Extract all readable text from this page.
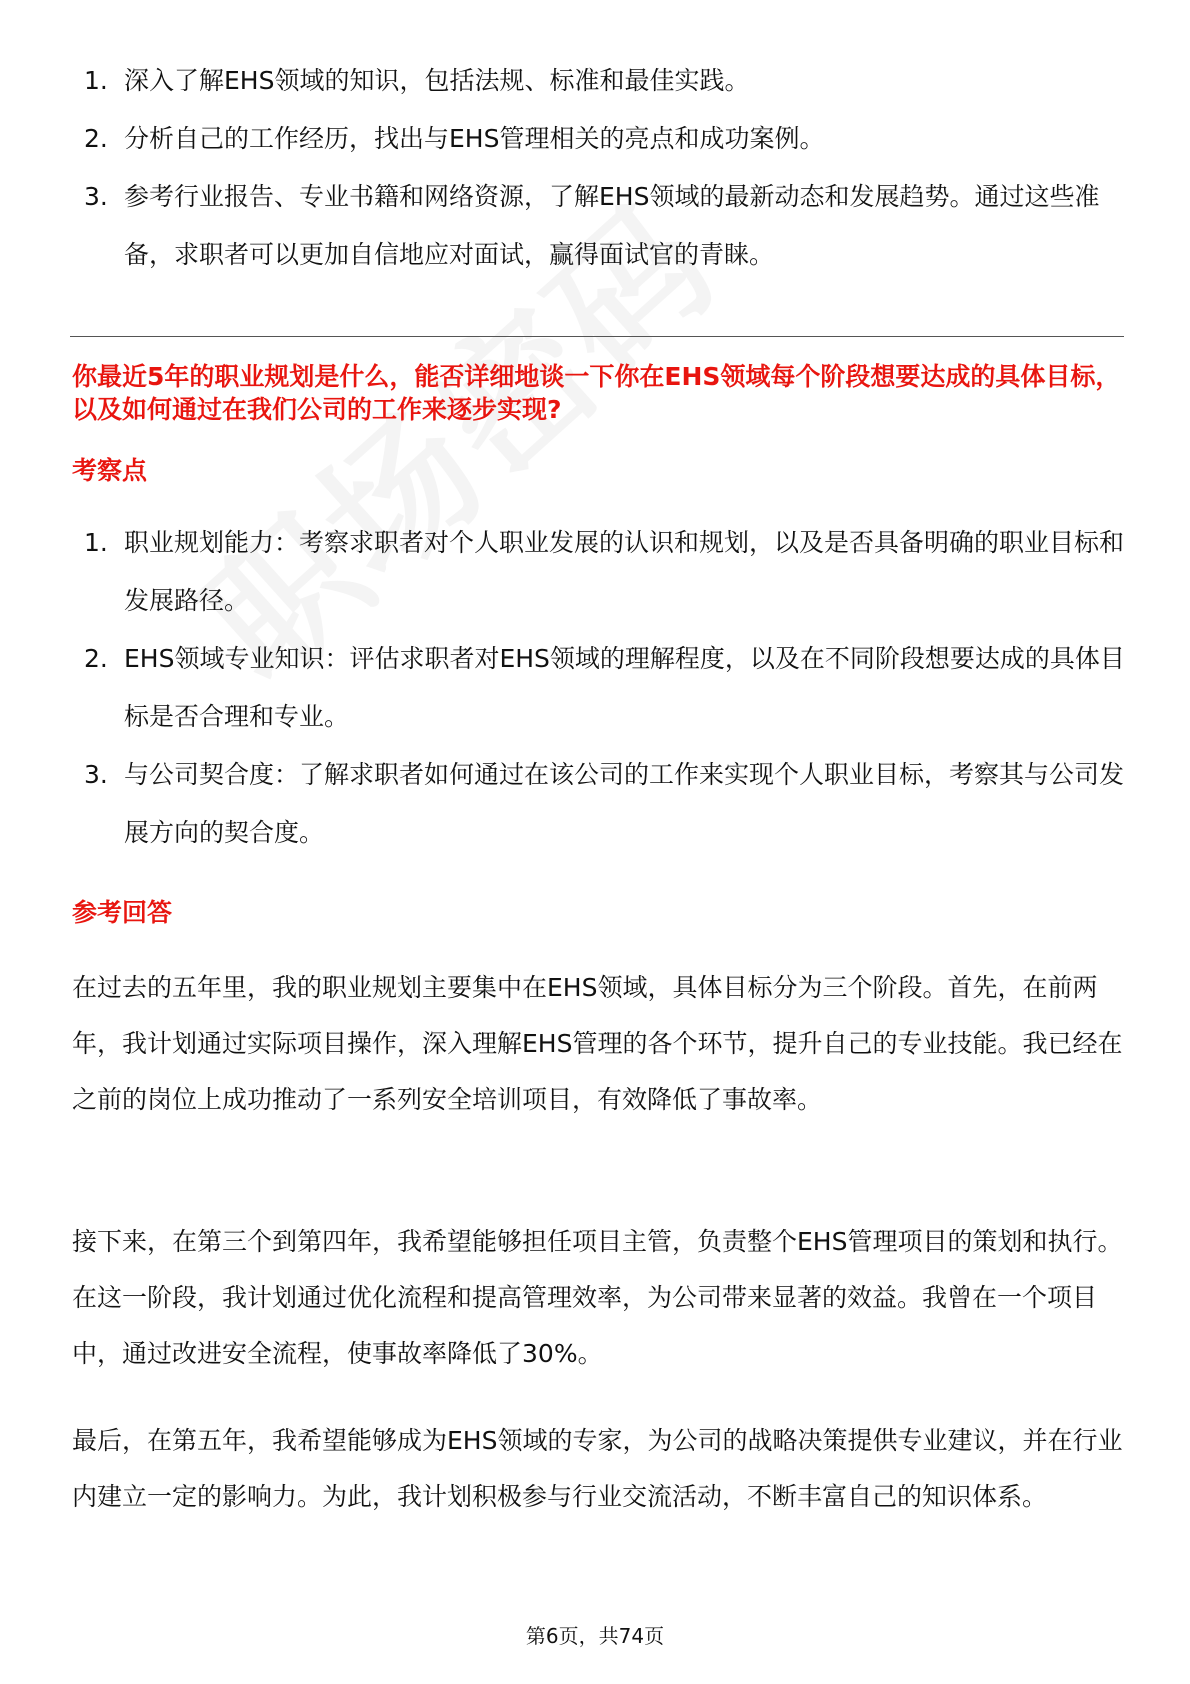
1. 深入了解EHS领域的知识，包括法规、标准和最佳实践。
2. 分析自己的工作经历，找出与EHS管理相关的亮点和成功案例。
3. 参考行业报告、专业书籍和网络资源，了解EHS领域的最新动态和发展趋势。通过这些准备，求职者可以更加自信地应对面试，赢得面试官的青睐。

你最近5年的职业规划是什么，能否详细地谈一下你在EHS领域每个阶段想要达成的具体目标，以及如何通过在我们公司的工作来逐步实现?

考察点

1. 职业规划能力：考察求职者对个人职业发展的认识和规划，以及是否具备明确的职业目标和发展路径。
2. EHS领域专业知识：评估求职者对EHS领域的理解程度，以及在不同阶段想要达成的具体目标是否合理和专业。
3. 与公司契合度：了解求职者如何通过在该公司的工作来实现个人职业目标，考察其与公司发展方向的契合度。

参考回答

在过去的五年里，我的职业规划主要集中在EHS领域，具体目标分为三个阶段。首先，在前两年，我计划通过实际项目操作，深入理解EHS管理的各个环节，提升自己的专业技能。我已经在之前的岗位上成功推动了一系列安全培训项目，有效降低了事故率。

接下来，在第三个到第四年，我希望能够担任项目主管，负责整个EHS管理项目的策划和执行。在这一阶段，我计划通过优化流程和提高管理效率，为公司带来显著的效益。我曾在一个项目中，通过改进安全流程，使事故率降低了30%。

最后，在第五年，我希望能够成为EHS领域的专家，为公司的战略决策提供专业建议，并在行业内建立一定的影响力。为此，我计划积极参与行业交流活动，不断丰富自己的知识体系。

第6页，共74页
